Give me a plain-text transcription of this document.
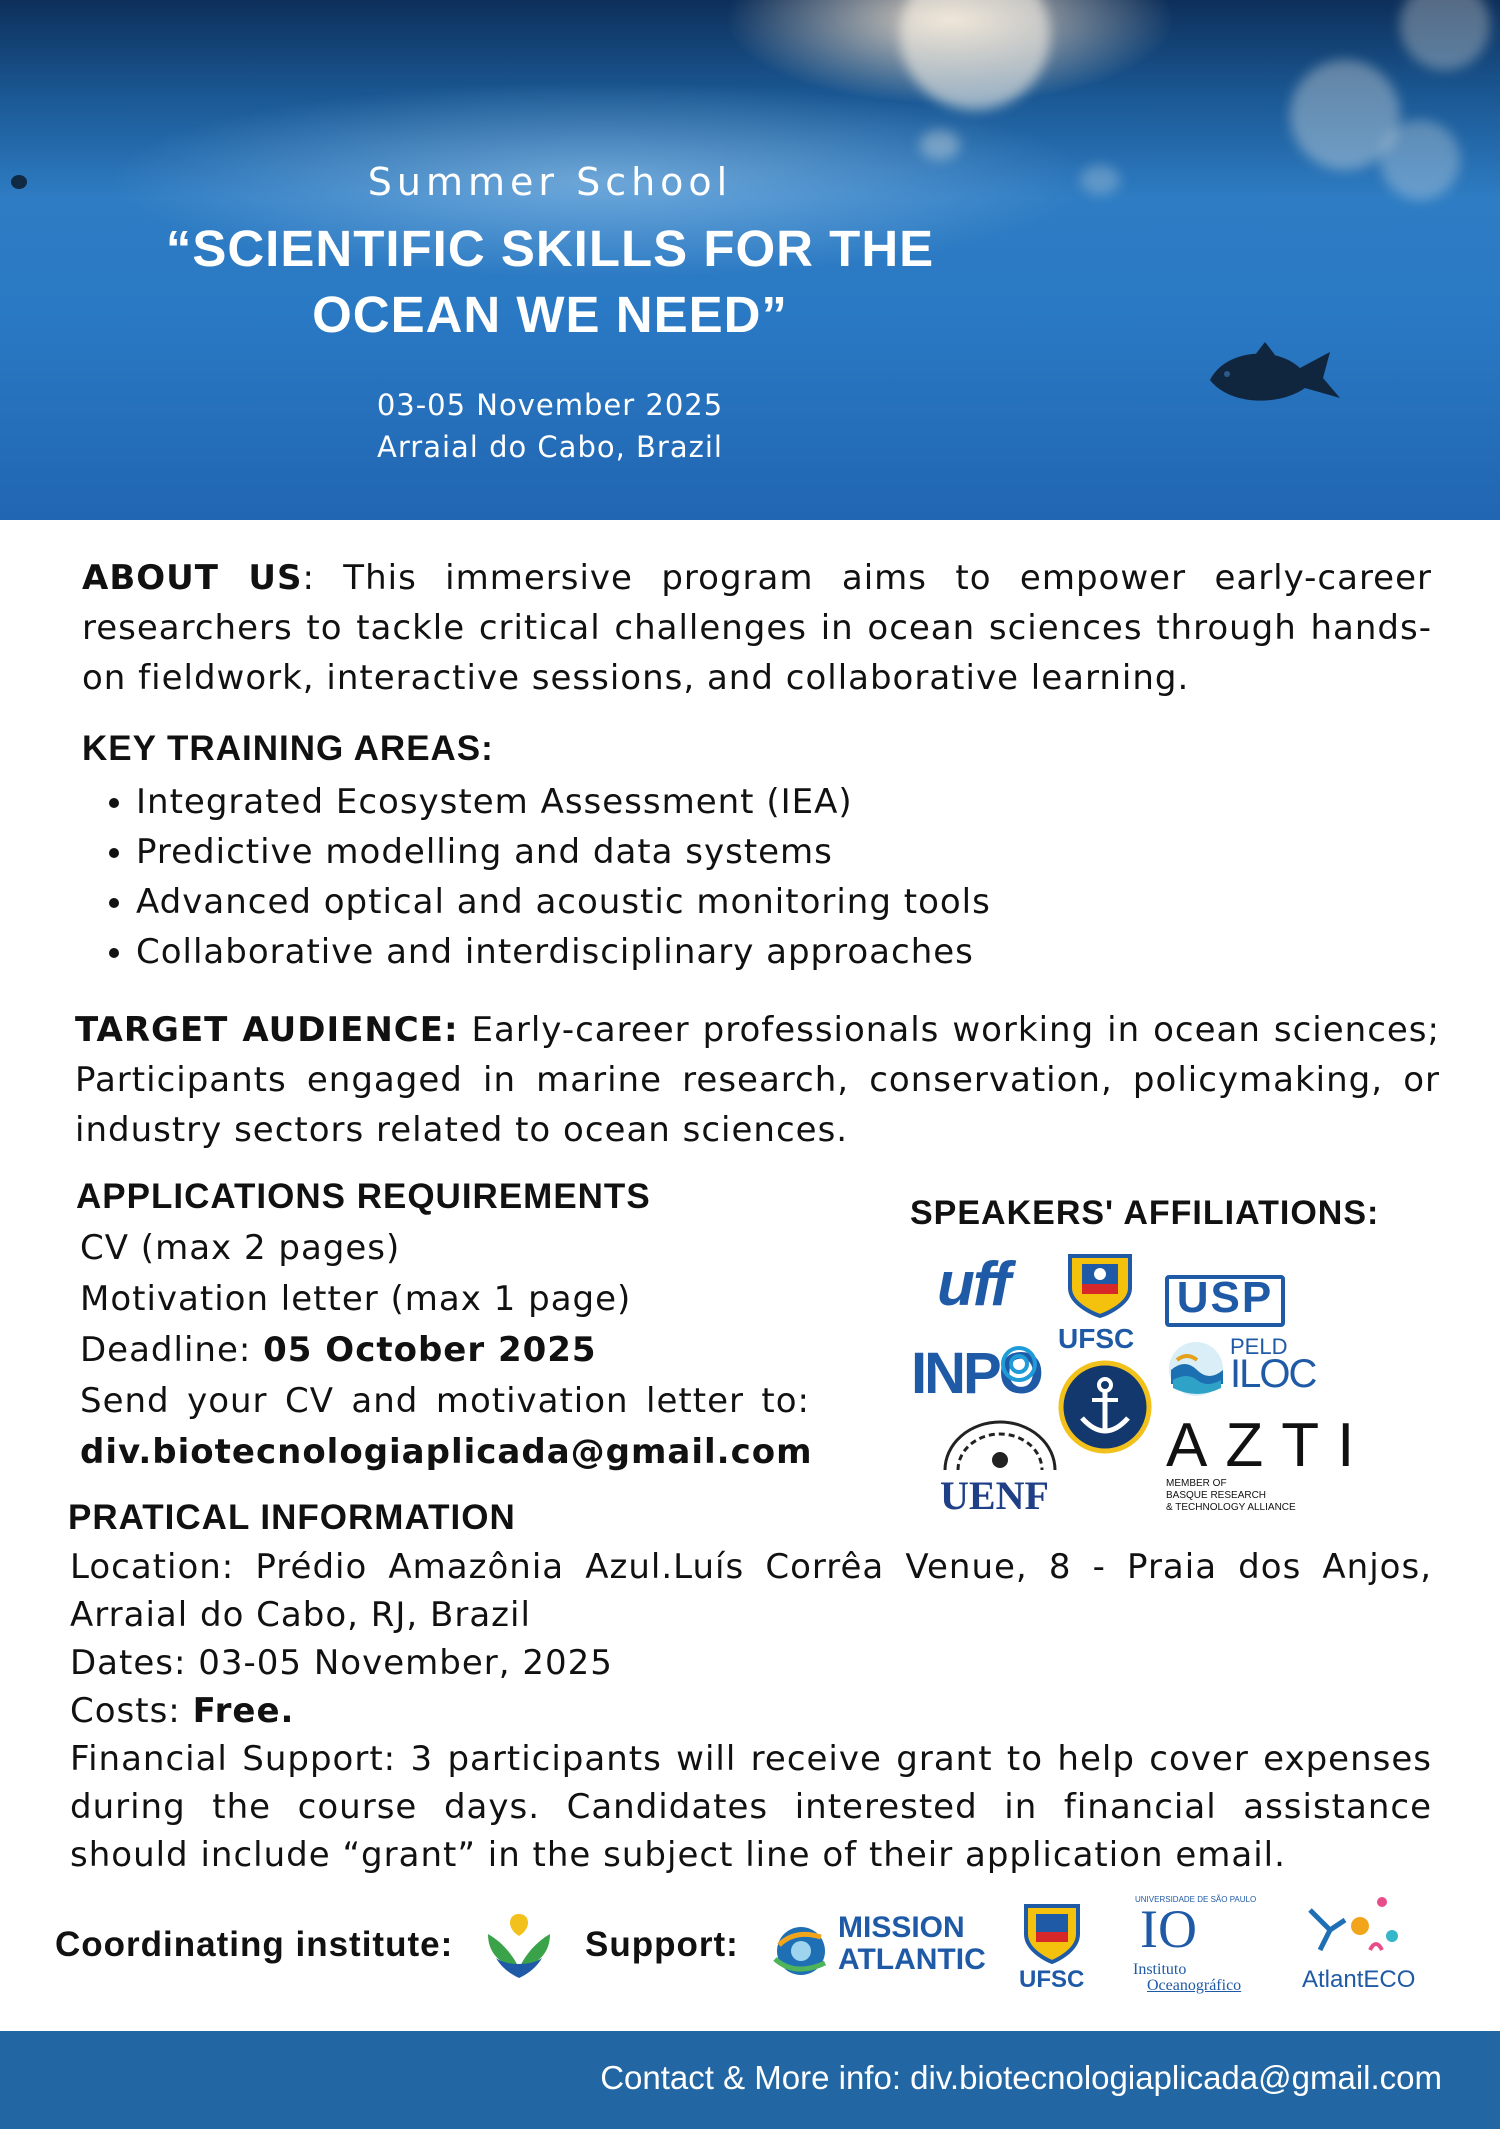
Summer School
“SCIENTIFIC SKILLS FOR THE
OCEAN WE NEED”
03-05 November 2025
Arraial do Cabo, Brazil
ABOUT US: This immersive program aims to empower early-career researchers to tackle critical challenges in ocean sciences through hands-on fieldwork, interactive sessions, and collaborative learning.
KEY TRAINING AREAS:
• Integrated Ecosystem Assessment (IEA)
• Predictive modelling and data systems
• Advanced optical and acoustic monitoring tools
• Collaborative and interdisciplinary approaches
TARGET AUDIENCE: Early-career professionals working in ocean sciences; Participants engaged in marine research, conservation, policymaking, or industry sectors related to ocean sciences.
APPLICATIONS REQUIREMENTS
CV (max 2 pages)
Motivation letter (max 1 page)
Deadline: 05 October 2025
Send your CV and motivation letter to:
div.biotecnologiaplicada@gmail.com
SPEAKERS' AFFILIATIONS:
uff
UFSC
USP
INPO	PELD
ILOC
UENF
AZTI
MEMBER OF
BASQUE RESEARCH
& TECHNOLOGY ALLIANCE
PRATICAL INFORMATION
Location: Prédio Amazônia Azul.Luís Corrêa Venue, 8 - Praia dos Anjos, Arraial do Cabo, RJ, Brazil
Dates: 03-05 November, 2025
Costs: Free.
Financial Support: 3 participants will receive grant to help cover expenses during the course days. Candidates interested in financial assistance should include “grant” in the subject line of their application email.
Coordinating institute:	Support:	MISSION
ATLANTIC
UFSC
UNIVERSIDADE DE SÃO PAULO
IO
Instituto
Oceanográfico	AtlantECO
Contact & More info: div.biotecnologiaplicada@gmail.com
